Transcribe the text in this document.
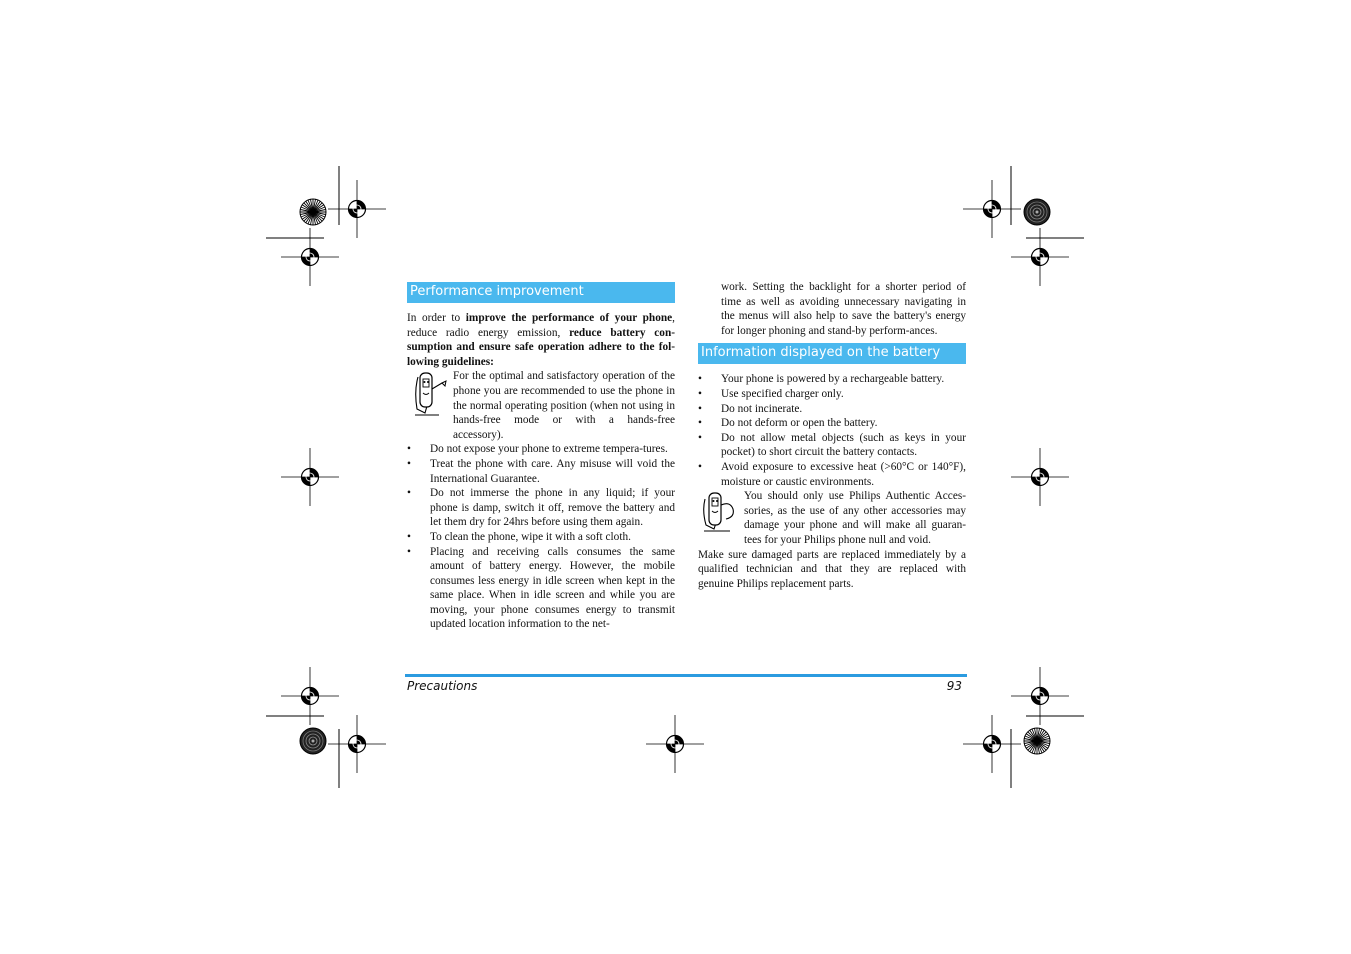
Performance improvement

In order to improve the performance of your phone, reduce radio energy emission, reduce battery con-sumption and ensure safe operation adhere to the fol-lowing guidelines:

For the optimal and satisfactory operation of the phone you are recommended to use the phone in the normal operating position (when not using in hands-free mode or with a hands-free accessory).

• Do not expose your phone to extreme tempera-tures.
• Treat the phone with care. Any misuse will void the International Guarantee.
• Do not immerse the phone in any liquid; if your phone is damp, switch it off, remove the battery and let them dry for 24hrs before using them again.
• To clean the phone, wipe it with a soft cloth.
• Placing and receiving calls consumes the same amount of battery energy. However, the mobile consumes less energy in idle screen when kept in the same place. When in idle screen and while you are moving, your phone consumes energy to transmit updated location information to the net-

work. Setting the backlight for a shorter period of time as well as avoiding unnecessary navigating in the menus will also help to save the battery's energy for longer phoning and stand-by perform-ances.

Information displayed on the battery
• Your phone is powered by a rechargeable battery.
• Use specified charger only.
• Do not incinerate.
• Do not deform or open the battery.
• Do not allow metal objects (such as keys in your pocket) to short circuit the battery contacts.
• Avoid exposure to excessive heat (>60°C or 140°F), moisture or caustic environments.

You should only use Philips Authentic Acces-sories, as the use of any other accessories may damage your phone and will make all guaran-tees for your Philips phone null and void.

Make sure damaged parts are replaced immediately by a qualified technician and that they are replaced with genuine Philips replacement parts.

Precautions	93
